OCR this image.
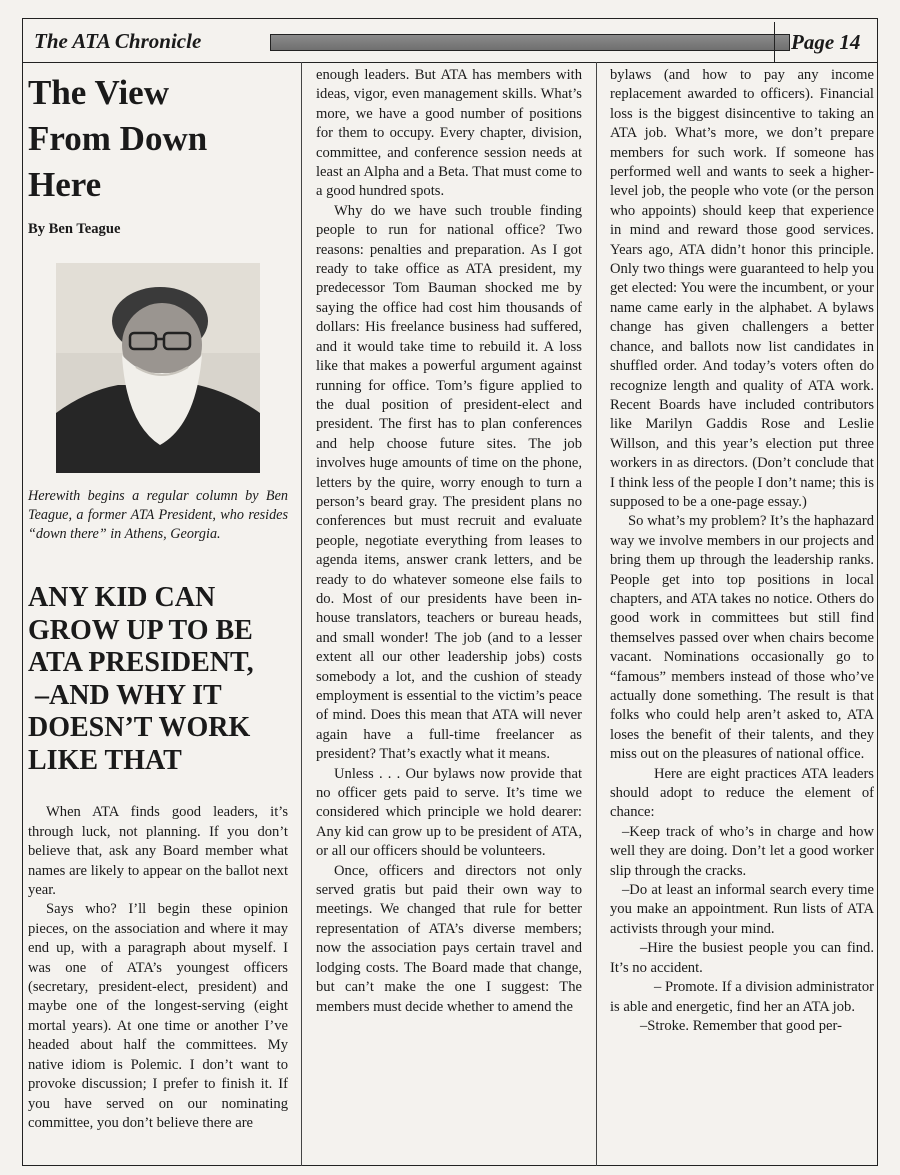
The ATA Chronicle	Page 14
The View
From Down
Here
By Ben Teague
Herewith begins a regular column by Ben Teague, a former ATA President, who resides “down there” in Athens, Georgia.
ANY KID CAN
GROW UP TO BE
ATA PRESIDENT,
–AND WHY IT
DOESN’T WORK
LIKE THAT

When ATA finds good leaders, it’s through luck, not planning. If you don’t believe that, ask any Board member what names are likely to appear on the ballot next year.

Says who? I’ll begin these opinion pieces, on the association and where it may end up, with a paragraph about myself. I was one of ATA’s youngest officers (secretary, president-elect, president) and maybe one of the longest-serving (eight mortal years). At one time or another I’ve headed about half the committees. My native idiom is Polemic. I don’t want to provoke discussion; I prefer to finish it. If you have served on our nominating committee, you don’t believe there are

enough leaders. But ATA has members with ideas, vigor, even management skills. What’s more, we have a good number of positions for them to occupy. Every chapter, division, committee, and conference session needs at least an Alpha and a Beta. That must come to a good hundred spots.

Why do we have such trouble finding people to run for national office? Two reasons: penalties and preparation. As I got ready to take office as ATA president, my predecessor Tom Bauman shocked me by saying the office had cost him thousands of dollars: His freelance business had suffered, and it would take time to rebuild it. A loss like that makes a powerful argument against running for office. Tom’s figure applied to the dual position of president-elect and president. The first has to plan conferences and help choose future sites. The job involves huge amounts of time on the phone, letters by the quire, worry enough to turn a person’s beard gray. The president plans no conferences but must recruit and evaluate people, negotiate everything from leases to agenda items, answer crank letters, and be ready to do whatever someone else fails to do. Most of our presidents have been in-house translators, teachers or bureau heads, and small wonder! The job (and to a lesser extent all our other leadership jobs) costs somebody a lot, and the cushion of steady employment is essential to the victim’s peace of mind. Does this mean that ATA will never again have a full-time freelancer as president? That’s exactly what it means.

Unless . . . Our bylaws now provide that no officer gets paid to serve. It’s time we considered which principle we hold dearer: Any kid can grow up to be president of ATA, or all our officers should be volunteers.

Once, officers and directors not only served gratis but paid their own way to meetings. We changed that rule for better representation of ATA’s diverse members; now the association pays certain travel and lodging costs. The Board made that change, but can’t make the one I suggest: The members must decide whether to amend the

bylaws (and how to pay any income replacement awarded to officers). Financial loss is the biggest disincentive to taking an ATA job. What’s more, we don’t prepare members for such work. If someone has performed well and wants to seek a higher- level job, the people who vote (or the person who appoints) should keep that experience in mind and reward those good services. Years ago, ATA didn’t honor this principle. Only two things were guaranteed to help you get elected: You were the incumbent, or your name came early in the alphabet. A bylaws change has given challengers a better chance, and ballots now list candidates in shuffled order. And today’s voters often do recognize length and quality of ATA work. Recent Boards have included contributors like Marilyn Gaddis Rose and Leslie Willson, and this year’s election put three workers in as directors. (Don’t conclude that I think less of the people I don’t name; this is supposed to be a one-page essay.)

So what’s my problem? It’s the haphazard way we involve members in our projects and bring them up through the leadership ranks. People get into top positions in local chapters, and ATA takes no notice. Others do good work in committees but still find themselves passed over when chairs become vacant. Nominations occasionally go to “famous” members instead of those who’ve actually done something. The result is that folks who could help aren’t asked to, ATA loses the benefit of their talents, and they miss out on the pleasures of national office.

Here are eight practices ATA leaders should adopt to reduce the element of chance:

–Keep track of who’s in charge and how well they are doing. Don’t let a good worker slip through the cracks.

–Do at least an informal search every time you make an appointment. Run lists of ATA activists through your mind.

–Hire the busiest people you can find. It’s no accident.

– Promote. If a division administrator is able and energetic, find her an ATA job.

–Stroke. Remember that good per-
